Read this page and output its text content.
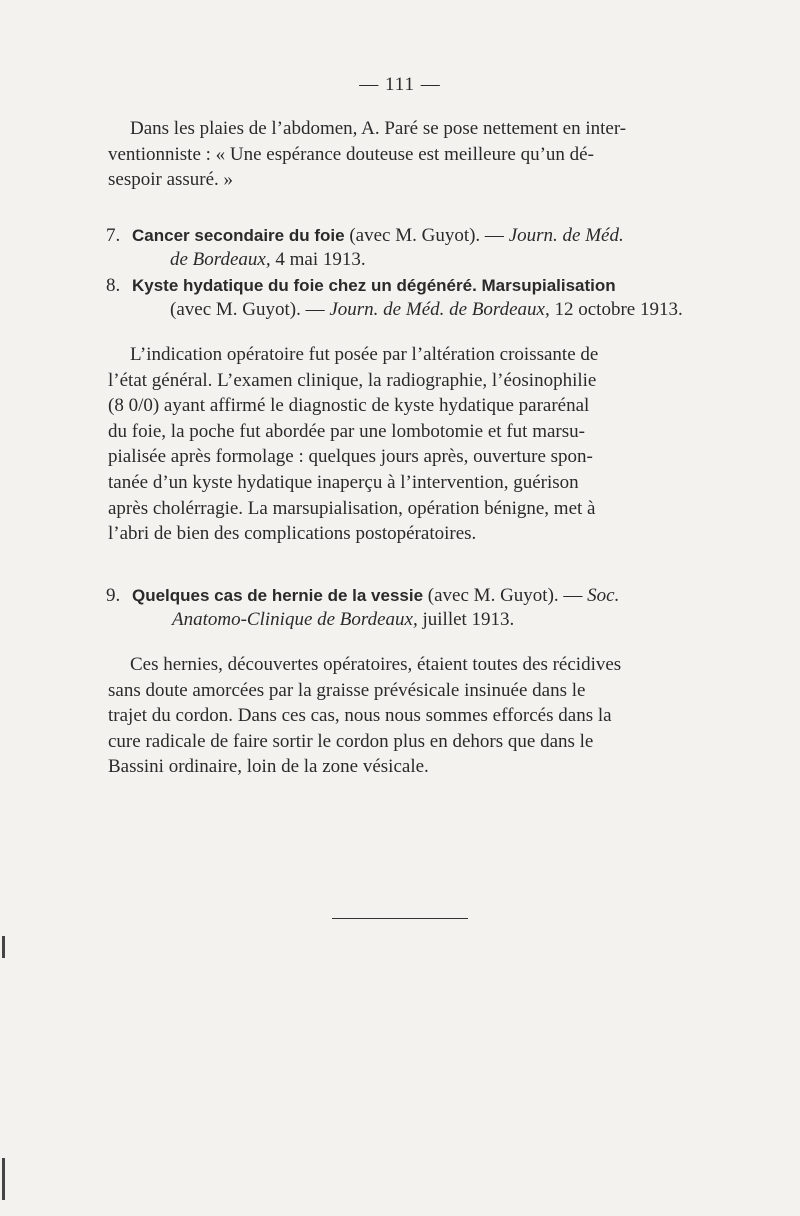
— 111 —
Dans les plaies de l’abdomen, A. Paré se pose nettement en inter-
ventionniste : « Une espérance douteuse est meilleure qu’un dé-
sespoir assuré. »
7. Cancer secondaire du foie (avec M. Guyot). — Journ. de Méd.
de Bordeaux, 4 mai 1913.
8. Kyste hydatique du foie chez un dégénéré. Marsupialisation
(avec M. Guyot). — Journ. de Méd. de Bordeaux, 12 octobre 1913.
L’indication opératoire fut posée par l’altération croissante de
l’état général. L’examen clinique, la radiographie, l’éosinophilie
(8 0/0) ayant affirmé le diagnostic de kyste hydatique pararénal
du foie, la poche fut abordée par une lombotomie et fut marsu-
pialisée après formolage : quelques jours après, ouverture spon-
tanée d’un kyste hydatique inaperçu à l’intervention, guérison
après cholérragie. La marsupialisation, opération bénigne, met à
l’abri de bien des complications postopératoires.
9. Quelques cas de hernie de la vessie (avec M. Guyot). — Soc.
Anatomo-Clinique de Bordeaux, juillet 1913.
Ces hernies, découvertes opératoires, étaient toutes des récidives
sans doute amorcées par la graisse prévésicale insinuée dans le
trajet du cordon. Dans ces cas, nous nous sommes efforcés dans la
cure radicale de faire sortir le cordon plus en dehors que dans le
Bassini ordinaire, loin de la zone vésicale.
